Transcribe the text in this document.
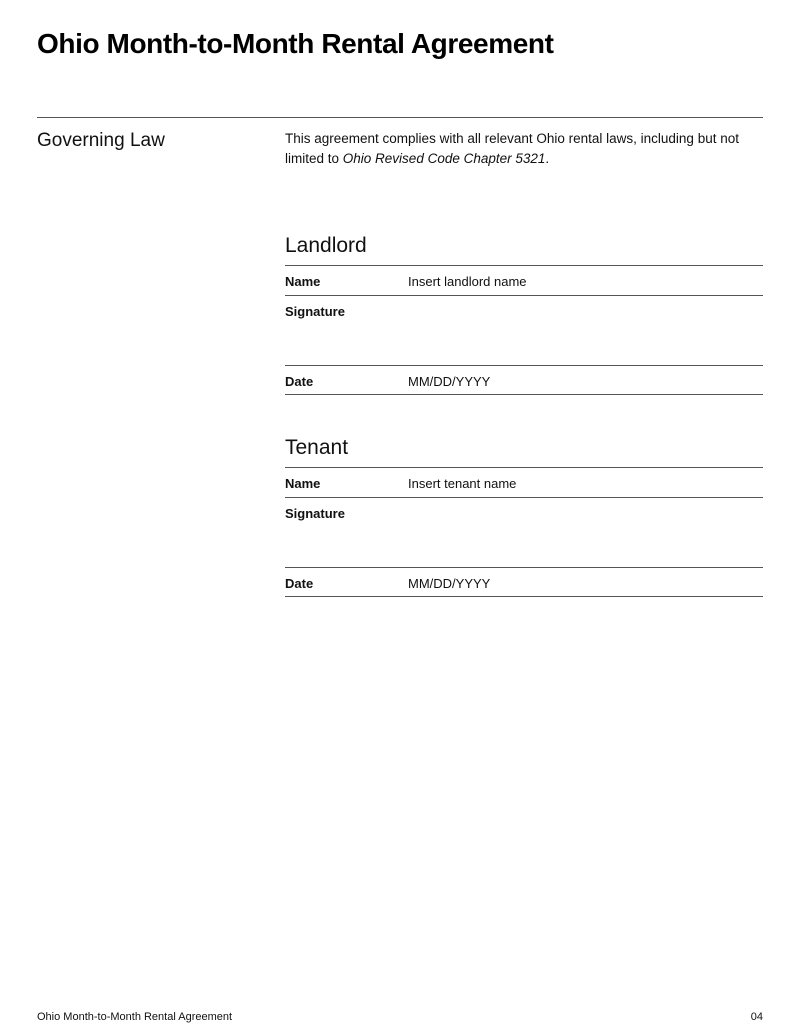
Ohio Month-to-Month Rental Agreement
Governing Law	This agreement complies with all relevant Ohio rental laws, including but not limited to Ohio Revised Code Chapter 5321.

Landlord
Name	Insert landlord name
Signature
Date	MM/DD/YYYY
Tenant
Name	Insert tenant name
Signature
Date	MM/DD/YYYY
Ohio Month-to-Month Rental Agreement	04
